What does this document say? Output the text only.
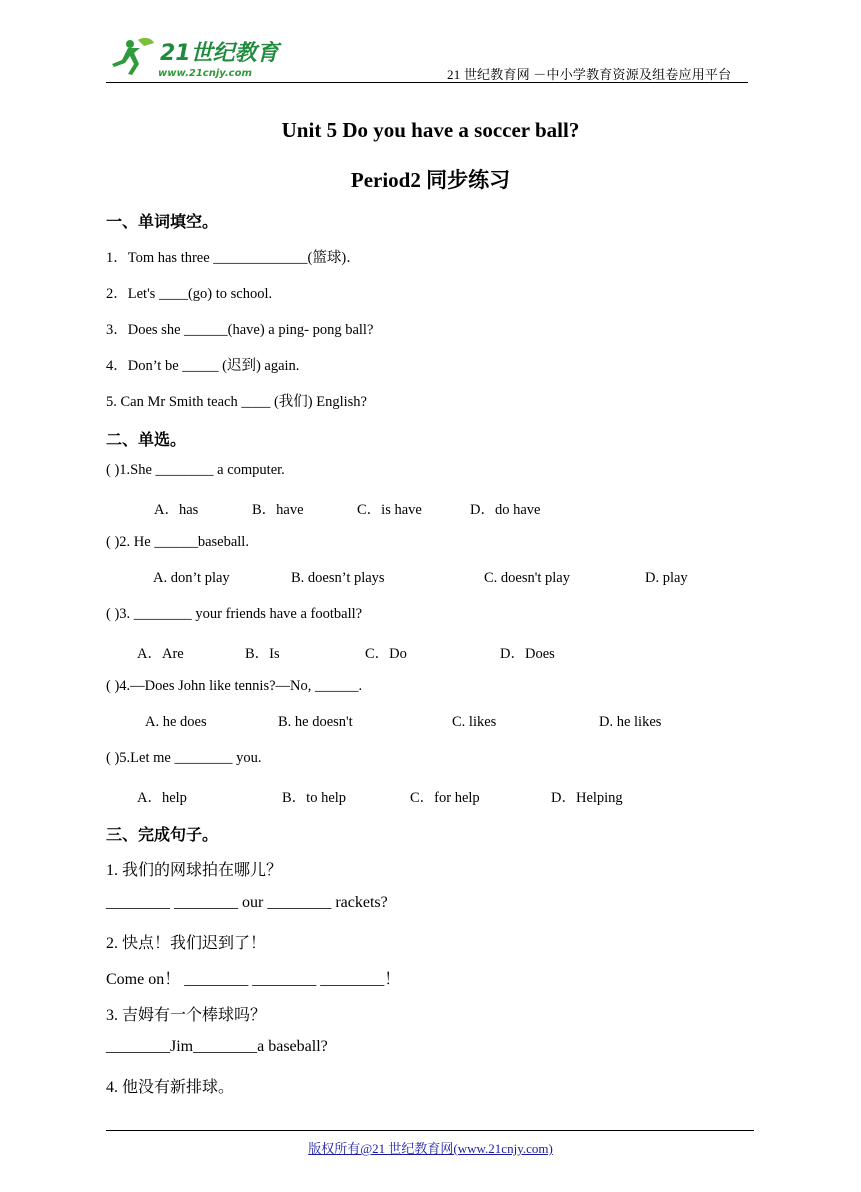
21世纪教育
www.21cnjy.com	21 世纪教育网 －中小学教育资源及组卷应用平台
Unit 5 Do you have a soccer ball?
Period2 同步练习
一、单词填空。
1．Tom has three _____________(篮球)．
2．Let's ____(go) to school.
3．Does she ______(have) a ping- pong ball?
4．Don’t be _____ (迟到) again.
5. Can Mr Smith teach ____ (我们) English?
二、单选。
( )1.She ________ a computer.
A．has	B．have	C．is have	D．do have
( )2. He ______baseball.
A. don’t play	B. doesn’t plays	C. doesn't play	D. play
( )3. ________ your friends have a football?
A．Are	B．Is	C．Do	D．Does
( )4.—Does John like tennis?—No, ______.
A. he does	B. he doesn't	C. likes	D. he likes
( )5.Let me ________ you.
A．help	B．to help	C．for help	D．Helping
三、完成句子。
1. 我们的网球拍在哪儿？
________ ________ our ________ rackets?
2. 快点！我们迟到了！
Come on！ ________ ________ ________！
3. 吉姆有一个棒球吗？
________Jim________a baseball?
4. 他没有新排球。
版权所有@21 世纪教育网(www.21cnjy.com)
